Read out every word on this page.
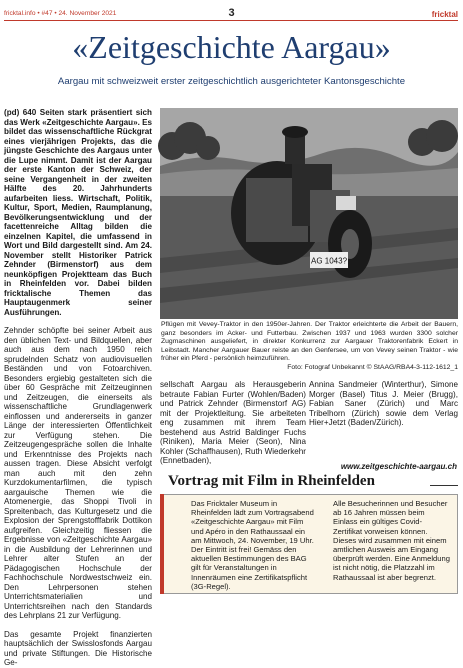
fricktal.info • #47 • 24. November 2021	3	fricktal
«Zeitgeschichte Aargau»
Aargau mit schweizweit erster zeitgeschichtlich ausgerichteter Kantonsgeschichte

(pd) 640 Seiten stark präsentiert sich das Werk «Zeitgeschichte Aargau». Es bildet das wissenschaftliche Rückgrat eines vierjährigen Projekts, das die jüngste Geschichte des Aargaus unter die Lupe nimmt. Damit ist der Aargau der erste Kanton der Schweiz, der seine Vergangenheit in der zweiten Hälfte des 20. Jahrhunderts aufarbeiten liess. Wirtschaft, Politik, Kultur, Sport, Medien, Raumplanung, Bevölkerungsentwicklung und der facettenreiche Alltag bilden die einzelnen Kapitel, die umfassend in Wort und Bild dargestellt sind. Am 24. November stellt Historiker Patrick Zehnder (Birmenstorf) aus dem neunköpfigen Projektteam das Buch in Rheinfelden vor. Dabei bilden fricktalische Themen das Hauptaugenmerk seiner Ausführungen.

Zehnder schöpfte bei seiner Arbeit aus den üblichen Text- und Bildquellen, aber auch aus dem nach 1950 reich sprudelnden Schatz von audiovisuellen Beständen und von Fotoarchiven. Besonders ergiebig gestalteten sich die über 60 Gespräche mit Zeitzeuginnen und Zeitzeugen, die einerseits als wissenschaftliche Grundlagenwerk einflossen und andererseits in ganzer Länge der interessierten Öffentlichkeit zur Verfügung stehen. Die Zeitzeugengespräche sollen die Inhalte und Erkenntnisse des Projekts nach aussen tragen. Diese Absicht verfolgt man auch mit den zehn Kurzdokumentarfilmen, die typisch aargauische Themen wie die Atomenergie, das Shoppi Tivoli in Spreitenbach, das Kulturgesetz und die Explosion der Sprengstofffabrik Dottikon aufgreifen. Gleichzeitig fliessen die Ergebnisse von «Zeitgeschichte Aargau» in die Ausbildung der Lehrerinnen und Lehrer alter Stufen an der Pädagogischen Hochschule der Fachhochschule Nordwestschweiz ein. Den Lehrpersonen stehen Unterrichtsmaterialien und Unterrichtsreihen nach den Standards des Lehrplans 21 zur Verfügung.

Das gesamte Projekt finanzierten hauptsächlich der Swisslosfonds Aargau und private Stiftungen. Die Historische Ge-

AG 1043?
Pflügen mit Vevey-Traktor in den 1950er-Jahren. Der Traktor erleichterte die Arbeit der Bauern, ganz besonders im Acker- und Futterbau. Zwischen 1937 und 1963 wurden 3300 solcher Zugmaschinen ausgeliefert, in direkter Konkurrenz zur Aargauer Traktorenfabrik Eckert in Leibstadt. Mancher Aargauer Bauer reiste an den Genfersee, um von Vevey seinen Traktor - wie früher ein Pferd - persönlich heimzuführen.
Foto: Fotograf Unbekannt © StAAG/RBA4-3-112-1612_1

sellschaft Aargau als Herausgeberin betraute Fabian Furter (Wohlen/Baden) und Patrick Zehnder (Birmenstorf AG) mit der Projektleitung. Sie arbeiteten eng zusammen mit ihrem Team bestehend aus Astrid Baldinger Fuchs (Riniken), Maria Meier (Seon), Nina Kohler (Schaffhausen), Ruth Wiederkehr (Ennetbaden),

Annina Sandmeier (Winterthur), Simone Morger (Basel) Titus J. Meier (Brugg), Fabian Saner (Zürich) und Marc Tribelhorn (Zürich) sowie dem Verlag Hier+Jetzt (Baden/Zürich).

www.zeitgeschichte-aargau.ch
Vortrag mit Film in Rheinfelden
Das Fricktaler Museum in Rheinfelden lädt zum Vortragsabend «Zeitgeschichte Aargau» mit Film und Apéro in den Rathaussaal ein am Mittwoch, 24. November, 19 Uhr. Der Eintritt ist frei! Gemäss den aktuellen Bestimmungen des BAG gilt für Veranstaltungen in Innenräumen eine Zertifikatspflicht (3G-Regel).
Alle Besucherinnen und Besucher ab 16 Jahren müssen beim Einlass ein gültiges Covid-Zertifikat vorweisen können. Dieses wird zusammen mit einem amtlichen Ausweis am Eingang überprüft werden. Eine Anmeldung ist nicht nötig, die Platzzahl im Rathaussaal ist aber begrenzt.
